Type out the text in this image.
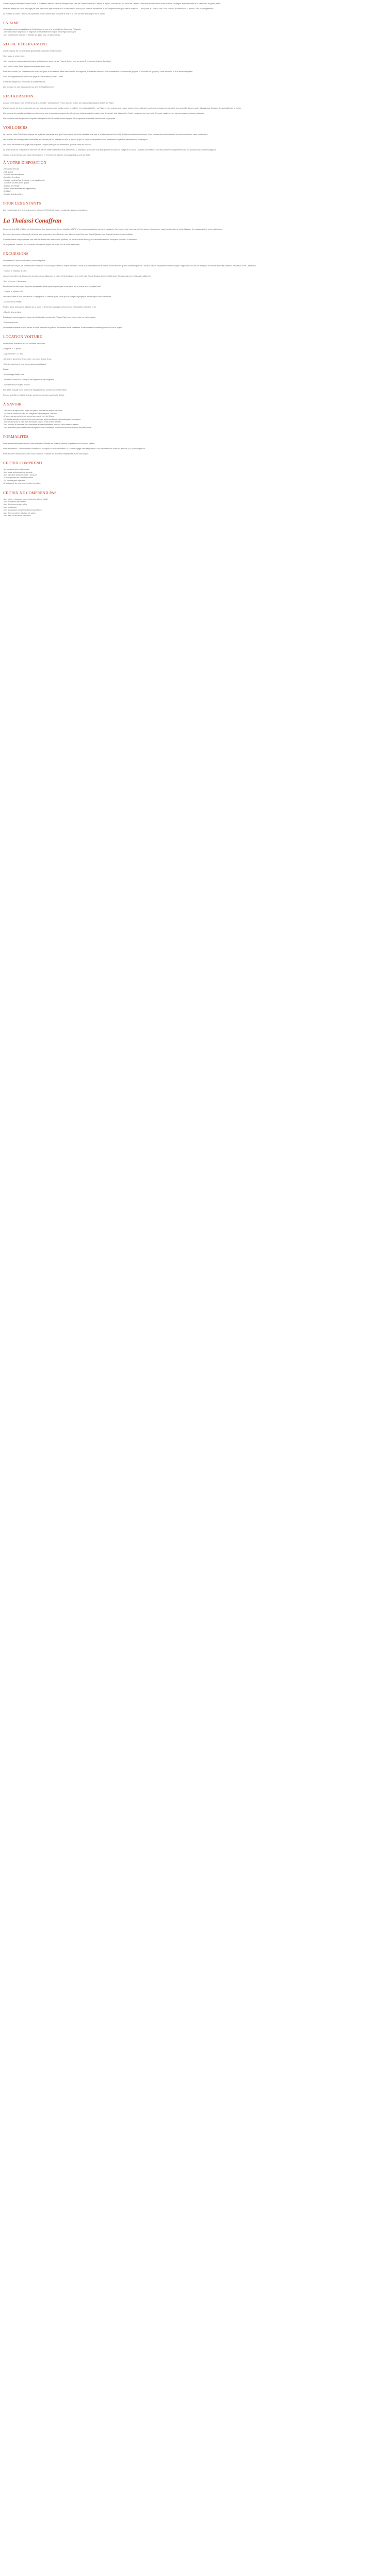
L'hôtel Lapeyre Hôtel est Comfort Room 3. Profitez en effet au cœur de Périgueux en salle de Grands Caméras. Célèbre la région, une base sur les bords de Lapeyre Hôtel avec balades et les vues de toute Dordogne, avec restaurant à la carte avec de grand jardin.

Hôtel est adapté de Place de Nagle par une marche en petit à bords de 400 hectares du bonus pour une vue de terrasse la fois comprenant les plus beaux châteaux - Les Eyzies, 400 km du site 100% Hôtel ici à l'intérieur de la piscine : une vraie expérience.

La Plateau de Grand Camera, Un splendide fleuve, centre dans ce quelle le mail et la Tour de Hôtel et transport est à 18 km.

EN AIME
- Un environnement magnifique de l'hôtel face à la mer et la proximité des Dunes de Périgueux
- Une décoration magnifique et originale de l'établissement inspiré de la région Dordogne
- Les nombreuses piscines et activités sur place pour un séjour réussi
VOTRE HÉBERGEMENT

L'hôtel dispose de 101 chambres spacieuses, modernes et lumineuses.

Vous aurez le choix entre :

- Les chambres (cat.prix) avec la piscine ou la chambre avec vue sur l'eau de la mer pour un séjour 3 personnes (jusqu'à 3 adultes)

- Les suites 'Junior Suite' (4 personnes) avec accès privé.

Pour votre confort, les chambres sont toutes équipées d'une salle de bains avec douche ou baignoire, d'un sèche-cheveux, de la climatisation, d'un mini-bar (payant), d'un coffre-fort (payant), d'une télévision et d'un accès wifi gratuit.

Vous avez également un service de plage et une terrasse privée à l'hôtel.

L'hôtel est adapté aux personnes à mobilité réduite.

Les animaux ne sont pas acceptés au sein de l'établissement.

RESTAURATION

Lors de votre séjour, vous bénéficierez de la formule « petit-déjeuner » servi tous les matins au restaurant principal du buffet "La Plaza".

L'hôtel dispose de deux restaurants où vous pourrez savourer une cuisine variée et raffinée. Le restaurant buffet « La Plaza » vous propose une cuisine locale et internationale, tandis que le restaurant à la carte vous accueille dans un cadre élégant pour déguster des spécialités de la région.

Une gamme de produits spécifiques est disponible pour les personnes ayant des allergies ou intolérances alimentaires (sur demande). Une fois arrivé à l'hôtel, nous pourrons vous faire découvrir également les saveurs gastronomiques régionales.

Une nouvelle carte est proposée régulièrement par le chef de cuisine et ses équipes. Un programme d'activités variées vous est proposé.

VOS LOISIRS

Le Lapeyre Hôtel Club Canoë dispose de la piscine extérieure ainsi que d'une piscine intérieure chauffée, d'un spa, d'un hammam et d'une salle de fitness entièrement équipée. Vous pourrez ainsi vous détendre en toute sérénité au cœur de la nature.

Les activités en montagne et la randonnée, en passant par les balades en vélo, le tennis, le golf, le kayak ou l'équitation, vous permettront de profiter pleinement de votre séjour.

Des cours de fitness et de yoga sont proposés chaque matin par nos animateurs, pour un réveil en douceur.

Le Spa Canoë est un espace de bien-être de 400 m² entièrement dédié à la détente et à la relaxation, proposant une large gamme de soins du visage et du corps. Les soins sont réalisés par des praticiennes diplômées avec des produits naturels et biologiques.

Tout au long de l'année, des séjours thématiques et événements culturels sont organisés au sein de l'hôtel.

À VOTRE DISPOSITION
- Réception 24h/24
- Wifi gratuit
- Service de blanchisserie
- Location de voiture
- Service médical (sur demande et en supplément)
- Location de vélos et de quads
- Bureau de change
- Prises internationales (en supplément)
- Parking
- Service de baby-sitting
POUR LES ENFANTS

Les enfants âgés de 4 à 12 ans peuvent rejoindre le Mini Club (ouvert pendant les vacances scolaires).

La Thalassi Conaffran

Un centre de 2.200 m² intégré à l'hôtel dispose d'un bassin d'eau de mer chauffée à 32°C, d'un parcours aquatique avec jets massants, d'un jacuzzi, d'un hammam et d'un sauna. Vous pourrez également profiter de soins thalasso, de massages et de soins esthétiques.

Des cures de remise en forme (3 à 6 jours) sont proposées : cure Détente, cure Minceur, cure Dos, cure Jeune Maman, cure Spécial Homme et cure Anti-Âge.

L'établissement comprend aussi une salle de fitness avec des coachs diplômés, un espace cardio-training et musculation ainsi qu'un espace réservé à la relaxation.

Le programme Thalasso est à réserver directement auprès de l'hôtel lors de votre réservation.

EXCURSIONS

Découvrez le Grand Camera et le Grand Périgueux !

Pendant votre séjour, de nombreuses excursions vous sont proposées au départ de l'hôtel : visite de la cité médiévale de Sarlat, découverte des grottes préhistoriques de Lascaux, balade en gabarre sur la Dordogne, dégustation de vins de Bergerac ou encore visite des châteaux de Beynac et de Castelnaud.

- Tour de la Thalasse 4 1/2 h :

Journée complète à la découverte des plus beaux villages de la vallée de la Dordogne, avec arrêt à La Roque-Gageac, Domme et Beynac. Déjeuner dans un restaurant traditionnel.

- Les pêcheurs « Nouveaux » :

Découvrez les techniques de pêche ancestrales de la région et participez à une sortie sur la rivière avec un guide local.

- Tour de la Vézère 1/2 h :

Une découverte du site de Lascaux IV, réplique de la célèbre grotte, ainsi que du village troglodytique de la Roque Saint-Christophe.

- Cabane sous-marine :

Profitez d'une découverte originale de la faune et de la flore aquatiques à bord d'une embarcation à fond de verre.

- Marche des sentiers :

Randonnée accompagnée à travers les forêts et les sentiers du Périgord Noir, avec pique-nique en pleine nature.

- Patrimoine local :

Découvrez l'artisanat local à travers la visite d'ateliers de poterie, de vannerie et de coutellerie, et rencontrez les artisans passionnés de la région.

LOCATION VOITURE

Informations indicatives sur les locations de voiture.

Catégorie A - 5 places

- Âge minimum : 21 ans

- Détenteur du permis de conduire : au moins depuis 2 ans

- Pas de supplément pour un conducteur additionnel.

Notez :

- Kilométrage illimité : oui

- Retrait du véhicule à l'aéroport de Bergerac ou de Périgueux.

- Assurance tous risques incluse.

Prix à titre indicatif, sous réserve de disponibilité au moment de la réservation.

Pensez à vérifier la validité de votre permis de conduire avant votre départ.

À SAVOIR
- Une taxe de séjour est à régler sur place, directement auprès de l'hôtel.
- Le port du bonnet de bain est obligatoire dans l'espace Thalasso.
- L'accès au spa est réservé aux personnes de plus de 16 ans.
- Certaines activités et excursions sont soumises à des conditions météorologiques favorables.
- Une caution pourra vous être demandée lors de votre arrivée à l'hôtel.
- Les horaires d'ouverture des restaurants et des installations peuvent varier selon la saison.
- Les animations proposées sont susceptibles d'être modifiées ou annulées selon le nombre de participants.
FORMALITÉS

Pour les ressortissants français : carte nationale d'identité en cours de validité ou passeport en cours de validité.

Pour les mineurs : carte nationale d'identité ou passeport au nom de l'enfant. Si l'enfant voyage sans ses parents, une autorisation de sortie du territoire (AST) est obligatoire.

Pour les autres nationalités, nous vous invitons à consulter les autorités compétentes avant votre départ.

CE PRIX COMPREND
- Le transport aérien aller-retour
- Les taxes aériennes et de sécurité
- Les transferts aéroport / hôtel / aéroport
- L'hébergement en chambre double
- La formule petit-déjeuner
- L'assistance de notre représentant sur place
CE PRIX NE COMPREND PAS
- Les repas et boissons non mentionnés dans le forfait
- Les excursions facultatives
- Les dépenses personnelles
- Les pourboires
- Les assurances complémentaires facultatives
- Les dépenses liées à la taxe de séjour
- Les frais de visa et de formalités
